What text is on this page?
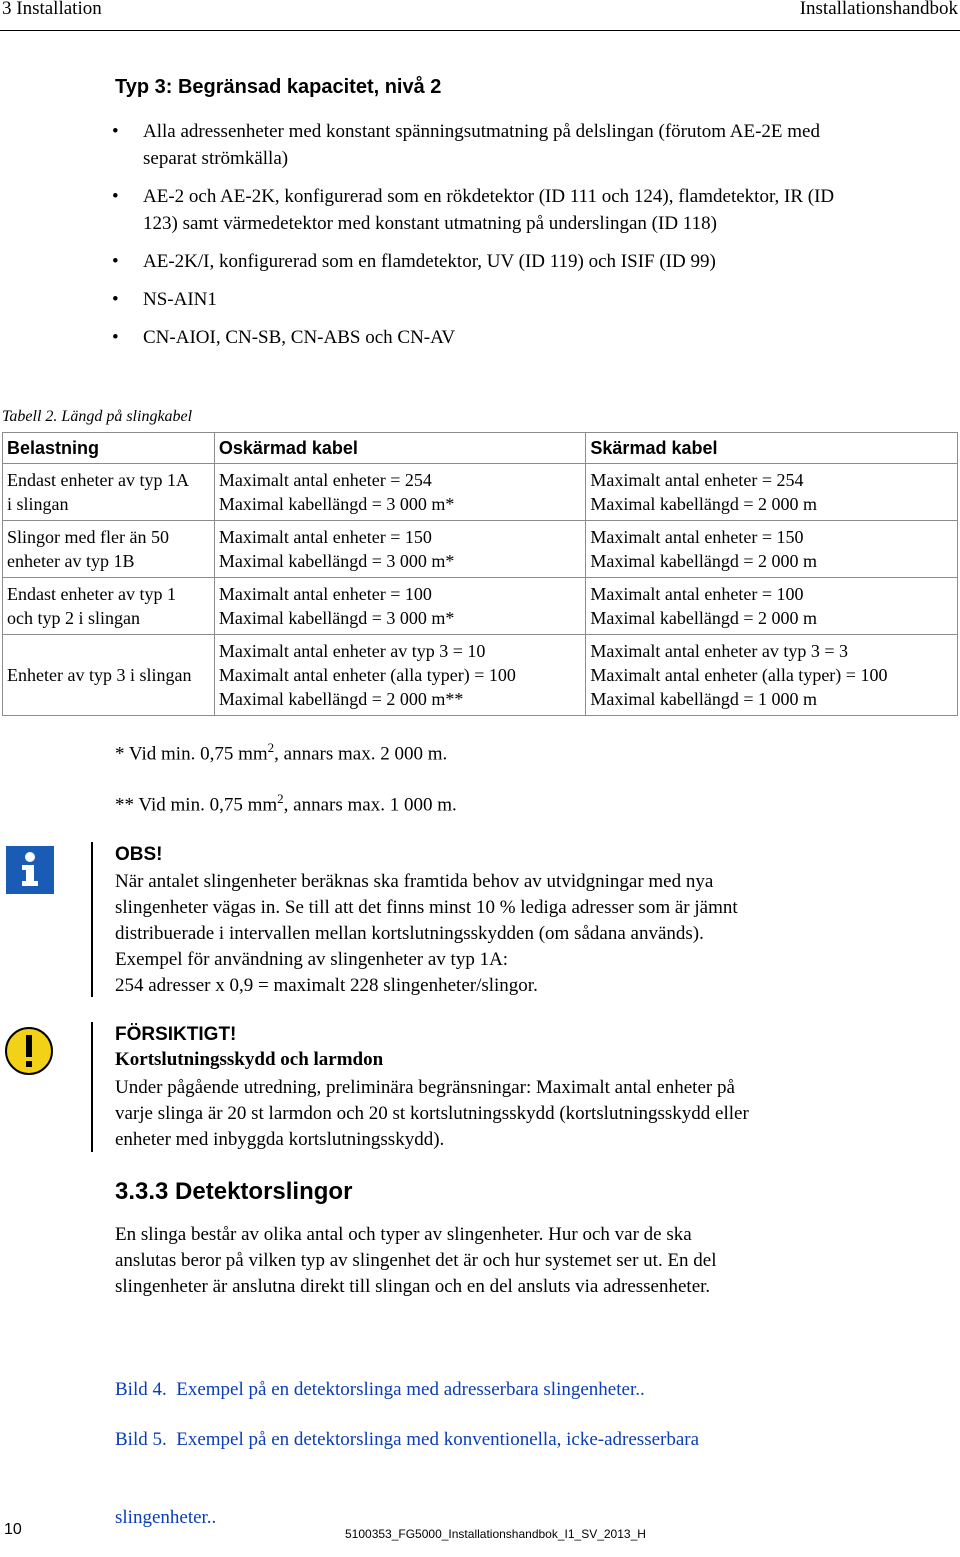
3 Installation	Installationshandbok
Typ 3: Begränsad kapacitet, nivå 2
• Alla adressenheter med konstant spänningsutmatning på delslingan (förutom AE-2E med separat strömkälla)
• AE-2 och AE-2K, konfigurerad som en rökdetektor (ID 111 och 124), flamdetektor, IR (ID 123) samt värmedetektor med konstant utmatning på underslingan (ID 118)
• AE-2K/I, konfigurerad som en flamdetektor, UV (ID 119) och ISIF (ID 99)
• NS-AIN1
• CN-AIOI, CN-SB, CN-ABS och CN-AV
Tabell 2. Längd på slingkabel
Belastning	Oskärmad kabel	Skärmad kabel

Endast enheter av typ 1A
i slingan	Maximalt antal enheter = 254
Maximal kabellängd = 3 000 m*	Maximalt antal enheter = 254
Maximal kabellängd = 2 000 m

Slingor med fler än 50
enheter av typ 1B	Maximalt antal enheter = 150
Maximal kabellängd = 3 000 m*	Maximalt antal enheter = 150
Maximal kabellängd = 2 000 m

Endast enheter av typ 1
och typ 2 i slingan	Maximalt antal enheter = 100
Maximal kabellängd = 3 000 m*	Maximalt antal enheter = 100
Maximal kabellängd = 2 000 m

Enheter av typ 3 i slingan	Maximalt antal enheter av typ 3 = 10
Maximalt antal enheter (alla typer) = 100
Maximal kabellängd = 2 000 m**	Maximalt antal enheter av typ 3 = 3
Maximalt antal enheter (alla typer) = 100
Maximal kabellängd = 1 000 m
* Vid min. 0,75 $mm^2$, annars max. 2 000 m.
** Vid min. 0,75 $mm^2$, annars max. 1 000 m.
OBS!
När antalet slingenheter beräknas ska framtida behov av utvidgningar med nya
slingenheter vägas in. Se till att det finns minst 10 % lediga adresser som är jämnt
distribuerade i intervallen mellan kortslutningsskydden (om sådana används).
Exempel för användning av slingenheter av typ 1A:
254 adresser x 0,9 = maximalt 228 slingenheter/slingor.
FÖRSIKTIGT!
Kortslutningsskydd och larmdon
Under pågående utredning, preliminära begränsningar: Maximalt antal enheter på
varje slinga är 20 st larmdon och 20 st kortslutningsskydd (kortslutningsskydd eller
enheter med inbyggda kortslutningsskydd).
3.3.3 Detektorslingor
En slinga består av olika antal och typer av slingenheter. Hur och var de ska
anslutas beror på vilken typ av slingenhet det är och hur systemet ser ut. En del
slingenheter är anslutna direkt till slingan och en del ansluts via adressenheter.

Bild 4.  Exempel på en detektorslinga med adresserbara slingenheter..

Bild 5.  Exempel på en detektorslinga med konventionella, icke-adresserbara

slingenheter..

10	5100353_FG5000_Installationshandbok_I1_SV_2013_H
